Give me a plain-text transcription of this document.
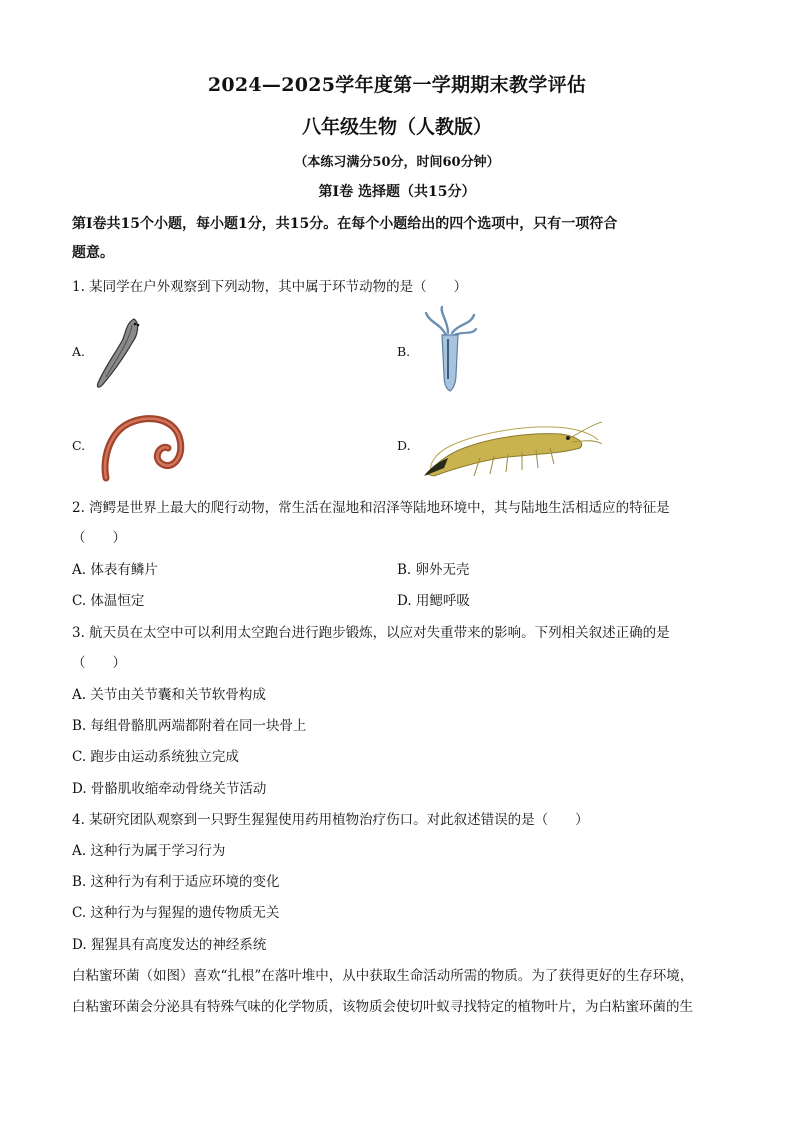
2024—2025学年度第一学期期末教学评估
八年级生物（人教版）
（本练习满分50分，时间60分钟）
第Ⅰ卷 选择题（共15分）
第Ⅰ卷共15个小题，每小题1分，共15分。在每个小题给出的四个选项中，只有一项符合
题意。
1. 某同学在户外观察到下列动物，其中属于环节动物的是（　　）
A.	B.
C.	D.
2. 湾鳄是世界上最大的爬行动物，常生活在湿地和沼泽等陆地环境中，其与陆地生活相适应的特征是
（　　）
A. 体表有鳞片	B. 卵外无壳
C. 体温恒定	D. 用鳃呼吸
3. 航天员在太空中可以利用太空跑台进行跑步锻炼，以应对失重带来的影响。下列相关叙述正确的是
（　　）
A. 关节由关节囊和关节软骨构成
B. 每组骨骼肌两端都附着在同一块骨上
C. 跑步由运动系统独立完成
D. 骨骼肌收缩牵动骨绕关节活动
4. 某研究团队观察到一只野生猩猩使用药用植物治疗伤口。对此叙述错误的是（　　）
A. 这种行为属于学习行为
B. 这种行为有利于适应环境的变化
C. 这种行为与猩猩的遗传物质无关
D. 猩猩具有高度发达的神经系统
白粘蜜环菌（如图）喜欢“扎根”在落叶堆中，从中获取生命活动所需的物质。为了获得更好的生存环境，
白粘蜜环菌会分泌具有特殊气味的化学物质，该物质会使切叶蚁寻找特定的植物叶片，为白粘蜜环菌的生
